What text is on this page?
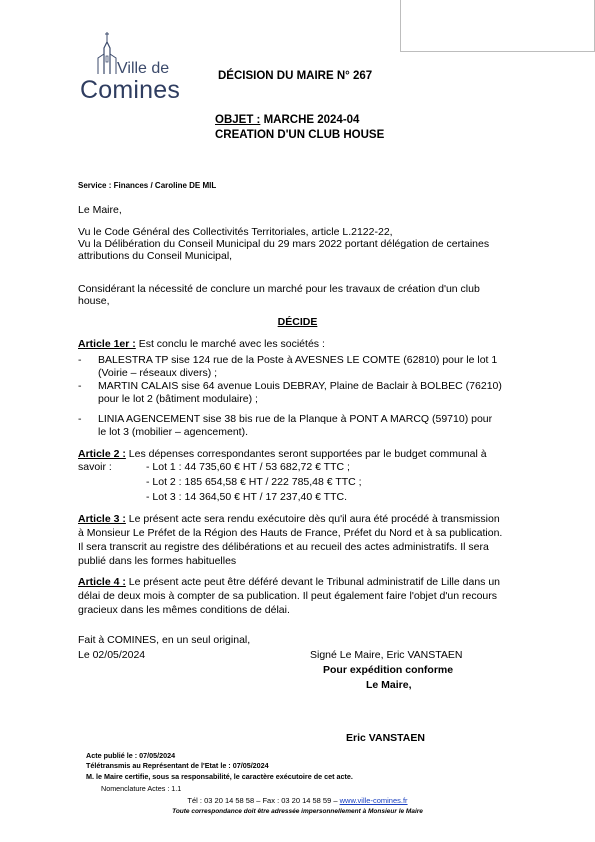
Ville de
Comines	DÉCISION DU MAIRE N° 267
OBJET : MARCHE 2024-04
CREATION D'UN CLUB HOUSE
Service : Finances / Caroline DE MIL
Le Maire,
Vu le Code Général des Collectivités Territoriales, article L.2122-22,
Vu la Délibération du Conseil Municipal du 29 mars 2022 portant délégation de certaines
attributions du Conseil Municipal,
Considérant la nécessité de conclure un marché pour les travaux de création d'un club
house,
DÉCIDE
Article 1er : Est conclu le marché avec les sociétés :
-	BALESTRA TP sise 124 rue de la Poste à AVESNES LE COMTE (62810) pour le lot 1
(Voirie – réseaux divers) ;
-	MARTIN CALAIS sise 64 avenue Louis DEBRAY, Plaine de Baclair à BOLBEC (76210)
pour le lot 2 (bâtiment modulaire) ;
-	LINIA AGENCEMENT sise 38 bis rue de la Planque à PONT A MARCQ (59710) pour
le lot 3 (mobilier – agencement).
Article 2 : Les dépenses correspondantes seront supportées par le budget communal à
savoir :	- Lot 1 : 44 735,60 € HT / 53 682,72 € TTC ;
- Lot 2 : 185 654,58 € HT / 222 785,48 € TTC ;
- Lot 3 : 14 364,50 € HT / 17 237,40 € TTC.
Article 3 : Le présent acte sera rendu exécutoire dès qu'il aura été procédé à transmission
à Monsieur Le Préfet de la Région des Hauts de France, Préfet du Nord et à sa publication.
Il sera transcrit au registre des délibérations et au recueil des actes administratifs. Il sera
publié dans les formes habituelles
Article 4 : Le présent acte peut être déféré devant le Tribunal administratif de Lille dans un
délai de deux mois à compter de sa publication. Il peut également faire l'objet d'un recours
gracieux dans les mêmes conditions de délai.
Fait à COMINES, en un seul original,
Le 02/05/2024	Signé Le Maire, Eric VANSTAEN
Pour expédition conforme
Le Maire,
Eric VANSTAEN
Acte publié le : 07/05/2024
Télétransmis au Représentant de l'Etat le : 07/05/2024
M. le Maire certifie, sous sa responsabilité, le caractère exécutoire de cet acte.
Nomenclature Actes : 1.1
Tél : 03 20 14 58 58 – Fax : 03 20 14 58 59 – www.ville-comines.fr
Toute correspondance doit être adressée impersonnellement à Monsieur le Maire
